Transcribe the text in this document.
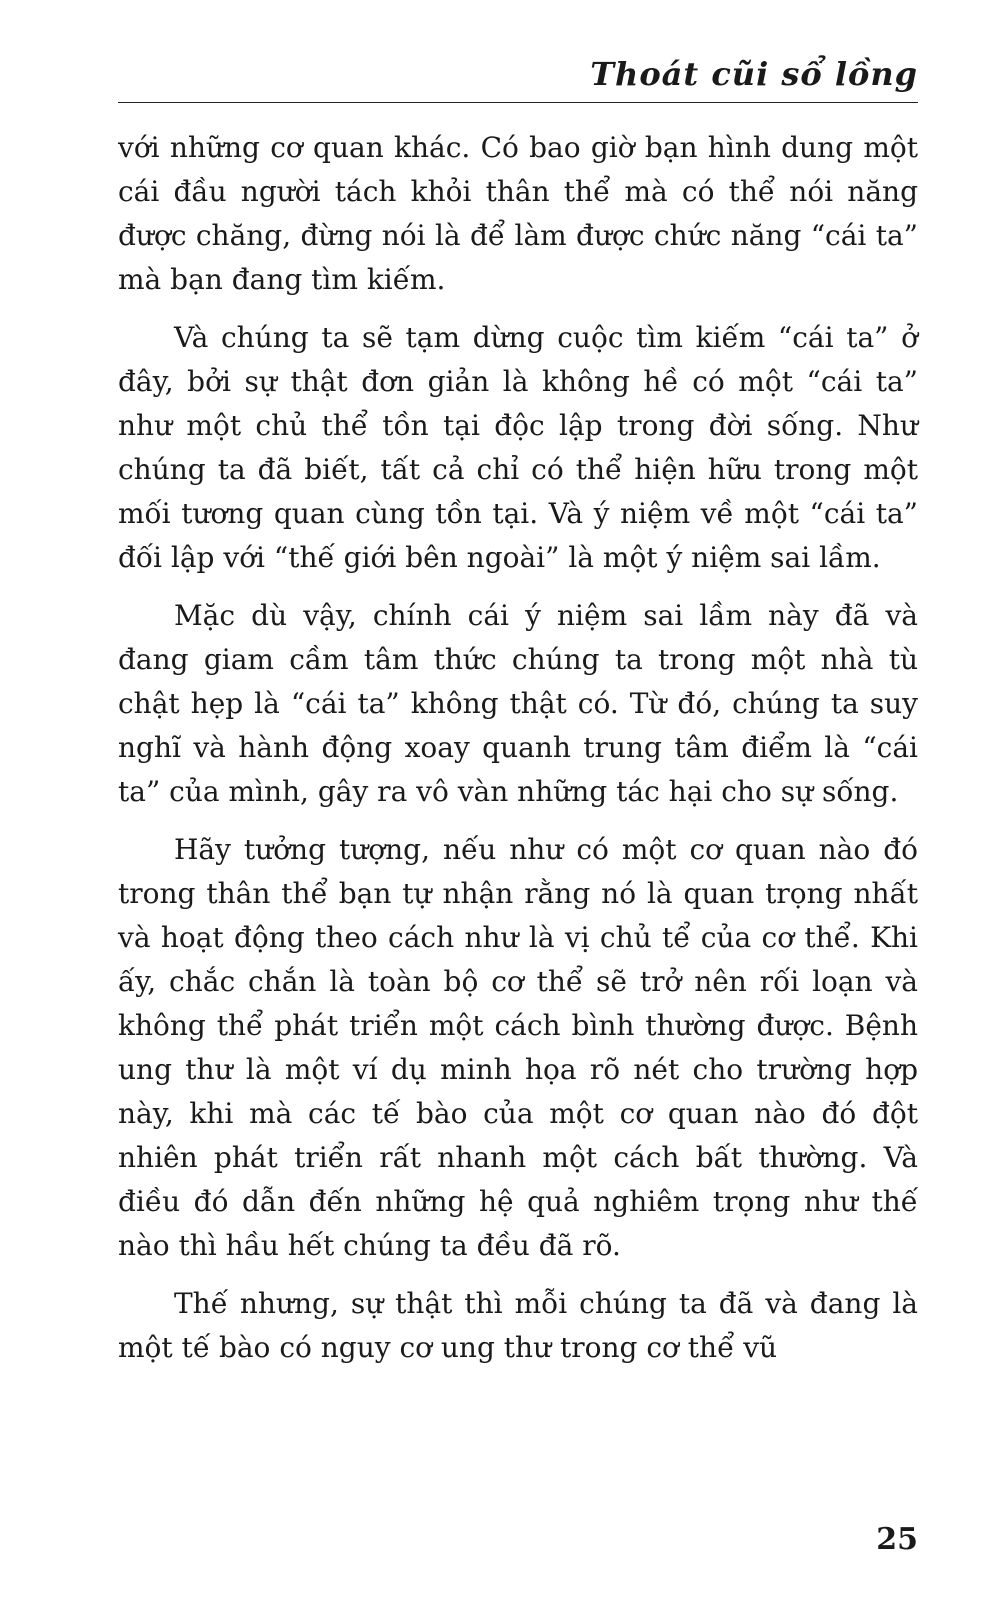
Thoát cũi sổ lồng

với những cơ quan khác. Có bao giờ bạn hình dung một cái đầu người tách khỏi thân thể mà có thể nói năng được chăng, đừng nói là để làm được chức năng “cái ta” mà bạn đang tìm kiếm.

Và chúng ta sẽ tạm dừng cuộc tìm kiếm “cái ta” ở đây, bởi sự thật đơn giản là không hề có một “cái ta” như một chủ thể tồn tại độc lập trong đời sống. Như chúng ta đã biết, tất cả chỉ có thể hiện hữu trong một mối tương quan cùng tồn tại. Và ý niệm về một “cái ta” đối lập với “thế giới bên ngoài” là một ý niệm sai lầm.

Mặc dù vậy, chính cái ý niệm sai lầm này đã và đang giam cầm tâm thức chúng ta trong một nhà tù chật hẹp là “cái ta” không thật có. Từ đó, chúng ta suy nghĩ và hành động xoay quanh trung tâm điểm là “cái ta” của mình, gây ra vô vàn những tác hại cho sự sống.

Hãy tưởng tượng, nếu như có một cơ quan nào đó trong thân thể bạn tự nhận rằng nó là quan trọng nhất và hoạt động theo cách như là vị chủ tể của cơ thể. Khi ấy, chắc chắn là toàn bộ cơ thể sẽ trở nên rối loạn và không thể phát triển một cách bình thường được. Bệnh ung thư là một ví dụ minh họa rõ nét cho trường hợp này, khi mà các tế bào của một cơ quan nào đó đột nhiên phát triển rất nhanh một cách bất thường. Và điều đó dẫn đến những hệ quả nghiêm trọng như thế nào thì hầu hết chúng ta đều đã rõ.

Thế nhưng, sự thật thì mỗi chúng ta đã và đang là một tế bào có nguy cơ ung thư trong cơ thể vũ

25
